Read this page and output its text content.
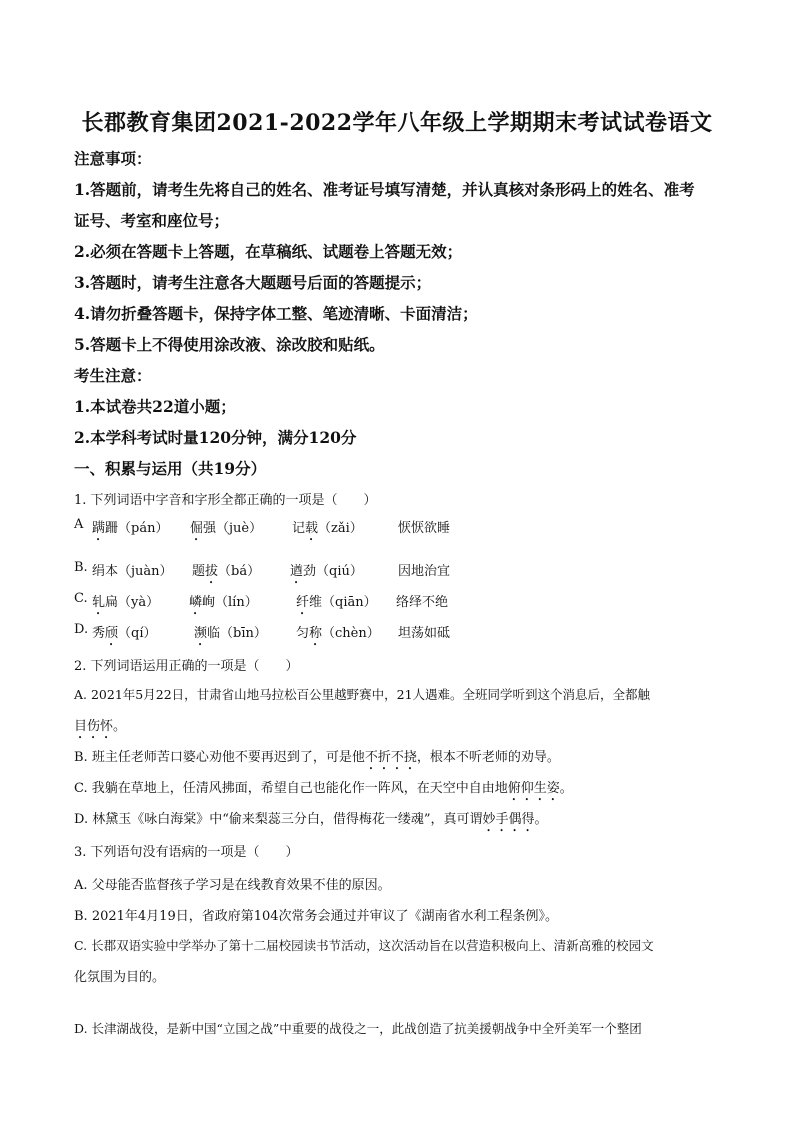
长郡教育集团2021-2022学年八年级上学期期末考试试卷语文
注意事项：
1.答题前，请考生先将自己的姓名、准考证号填写清楚，并认真核对条形码上的姓名、准考
证号、考室和座位号；
2.必须在答题卡上答题，在草稿纸、试题卷上答题无效；
3.答题时，请考生注意各大题题号后面的答题提示；
4.请勿折叠答题卡，保持字体工整、笔迹清晰、卡面清洁；
5.答题卡上不得使用涂改液、涂改胶和贴纸。
考生注意：
1.本试卷共22道小题；
2.本学科考试时量120分钟，满分120分
一、积累与运用（共19分）
1. 下列词语中字音和字形全都正确的一项是（　　）
A 蹒跚（pán） 倔强（juè） 记载（zǎi）	恹恹欲睡
B. 绢本（juàn） 题拔（bá） 遒劲（qiú）	因地治宜
C. 轧扁（yà） 嶙峋（lín）	纤维（qiān） 络绎不绝
D. 秀颀（qí）	濒临（bīn） 匀称（chèn） 坦荡如砥
2. 下列词语运用正确的一项是（　　）
A. 2021年5月22日，甘肃省山地马拉松百公里越野赛中，21人遇难。全班同学听到这个消息后，全都触
目伤怀。
B. 班主任老师苦口婆心劝他不要再迟到了，可是他不折不挠，根本不听老师的劝导。
C. 我躺在草地上，任清风拂面，希望自己也能化作一阵风，在天空中自由地俯仰生姿。
D. 林黛玉《咏白海棠》中“偷来梨蕊三分白，借得梅花一缕魂”，真可谓妙手偶得。
3. 下列语句没有语病的一项是（　　）
A. 父母能否监督孩子学习是在线教育效果不佳的原因。
B. 2021年4月19日，省政府第104次常务会通过并审议了《湖南省水利工程条例》。
C. 长郡双语实验中学举办了第十二届校园读书节活动，这次活动旨在以营造积极向上、清新高雅的校园文
化氛围为目的。
D. 长津湖战役，是新中国“立国之战”中重要的战役之一，此战创造了抗美援朝战争中全歼美军一个整团
